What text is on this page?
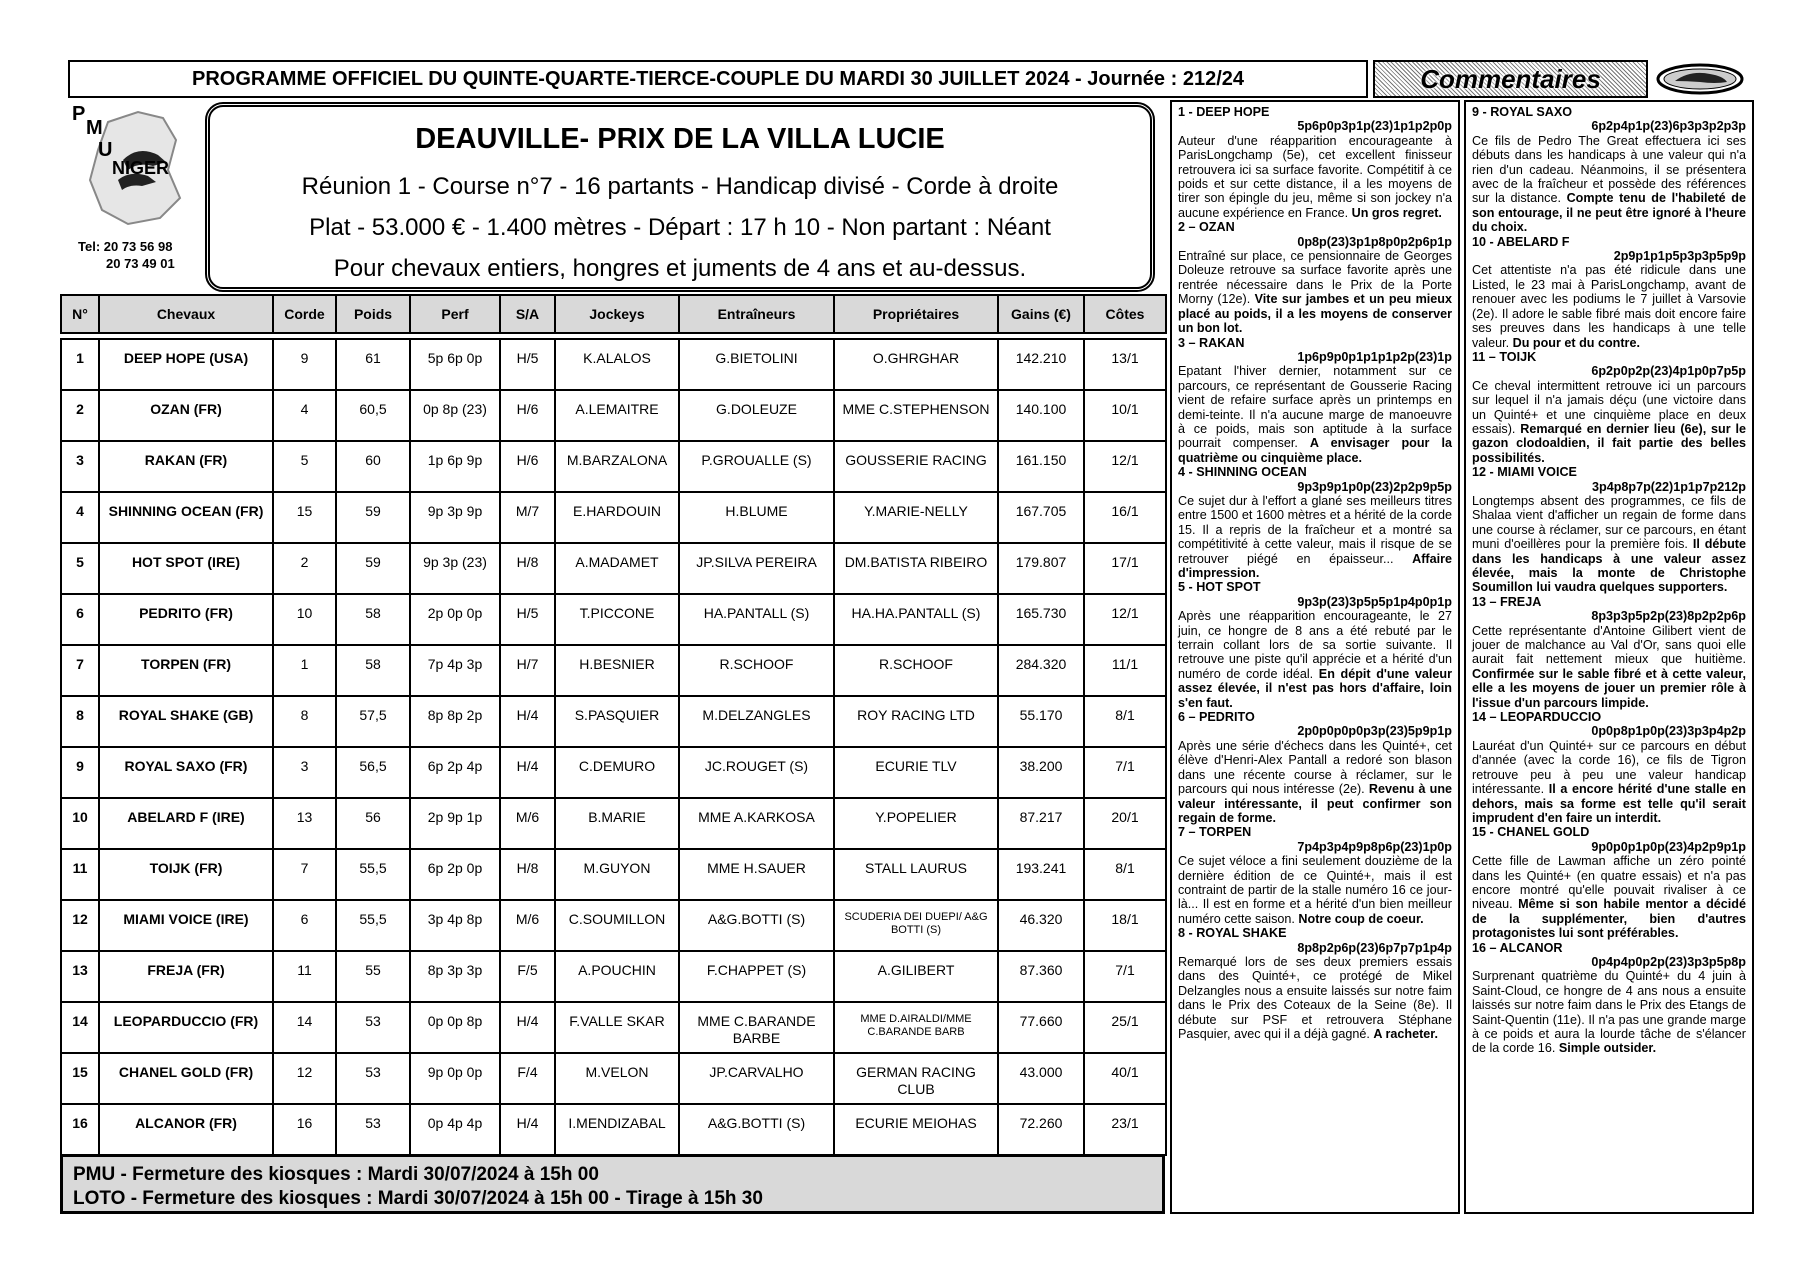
PROGRAMME OFFICIEL DU QUINTE-QUARTE-TIERCE-COUPLE DU MARDI 30 JUILLET 2024 - Journée : 212/24	Commentaires
P
M
U
NIGER
Tel: 20 73 56 98
20 73 49 01
DEAUVILLE- PRIX DE LA VILLA LUCIE
Réunion 1 - Course n°7 - 16 partants - Handicap divisé - Corde à droite
Plat - 53.000 € - 1.400 mètres - Départ : 17 h 10 - Non partant : Néant
Pour chevaux entiers, hongres et juments de 4 ans et au-dessus.
N°	Chevaux	Corde	Poids	Perf	S/A	Jockeys	Entraîneurs	Propriétaires	Gains (€)	Côtes

1	DEEP HOPE (USA)	9	61	5p 6p 0p	H/5	K.ALALOS	G.BIETOLINI	O.GHRGHAR	142.210	13/1
2	OZAN (FR)	4	60,5	0p 8p (23)	H/6	A.LEMAITRE	G.DOLEUZE	MME C.STEPHENSON	140.100	10/1
3	RAKAN (FR)	5	60	1p 6p 9p	H/6	M.BARZALONA	P.GROUALLE (S)	GOUSSERIE RACING	161.150	12/1
4	SHINNING OCEAN (FR)	15	59	9p 3p 9p	M/7	E.HARDOUIN	H.BLUME	Y.MARIE-NELLY	167.705	16/1
5	HOT SPOT (IRE)	2	59	9p 3p (23)	H/8	A.MADAMET	JP.SILVA PEREIRA	DM.BATISTA RIBEIRO	179.807	17/1
6	PEDRITO (FR)	10	58	2p 0p 0p	H/5	T.PICCONE	HA.PANTALL (S)	HA.HA.PANTALL (S)	165.730	12/1
7	TORPEN (FR)	1	58	7p 4p 3p	H/7	H.BESNIER	R.SCHOOF	R.SCHOOF	284.320	11/1
8	ROYAL SHAKE (GB)	8	57,5	8p 8p 2p	H/4	S.PASQUIER	M.DELZANGLES	ROY RACING LTD	55.170	8/1
9	ROYAL SAXO (FR)	3	56,5	6p 2p 4p	H/4	C.DEMURO	JC.ROUGET (S)	ECURIE TLV	38.200	7/1
10	ABELARD F (IRE)	13	56	2p 9p 1p	M/6	B.MARIE	MME A.KARKOSA	Y.POPELIER	87.217	20/1
11	TOIJK (FR)	7	55,5	6p 2p 0p	H/8	M.GUYON	MME H.SAUER	STALL LAURUS	193.241	8/1
12	MIAMI VOICE (IRE)	6	55,5	3p 4p 8p	M/6	C.SOUMILLON	A&G.BOTTI (S)	SCUDERIA DEI DUEPI/ A&G BOTTI (S)	46.320	18/1
13	FREJA (FR)	11	55	8p 3p 3p	F/5	A.POUCHIN	F.CHAPPET (S)	A.GILIBERT	87.360	7/1
14	LEOPARDUCCIO (FR)	14	53	0p 0p 8p	H/4	F.VALLE SKAR	MME C.BARANDE BARBE	MME D.AIRALDI/MME C.BARANDE BARB	77.660	25/1
15	CHANEL GOLD (FR)	12	53	9p 0p 0p	F/4	M.VELON	JP.CARVALHO	GERMAN RACING CLUB	43.000	40/1
16	ALCANOR (FR)	16	53	0p 4p 4p	H/4	I.MENDIZABAL	A&G.BOTTI (S)	ECURIE MEIOHAS	72.260	23/1
PMU - Fermeture des kiosques : Mardi 30/07/2024 à 15h 00
LOTO - Fermeture des kiosques : Mardi 30/07/2024 à 15h 00 - Tirage à 15h 30
1 - DEEP HOPE
5p6p0p3p1p(23)1p1p2p0p
Auteur d'une réapparition encourageante à ParisLongchamp (5e), cet excellent finisseur retrouvera ici sa surface favorite. Compétitif à ce poids et sur cette distance, il a les moyens de tirer son épingle du jeu, même si son jockey n'a aucune expérience en France. Un gros regret.
2 – OZAN
0p8p(23)3p1p8p0p2p6p1p
Entraîné sur place, ce pensionnaire de Georges Doleuze retrouve sa surface favorite après une rentrée nécessaire dans le Prix de la Porte Morny (12e). Vite sur jambes et un peu mieux placé au poids, il a les moyens de conserver un bon lot.
3 – RAKAN
1p6p9p0p1p1p1p2p(23)1p
Epatant l'hiver dernier, notamment sur ce parcours, ce représentant de Gousserie Racing vient de refaire surface après un printemps en demi-teinte. Il n'a aucune marge de manoeuvre à ce poids, mais son aptitude à la surface pourrait compenser. A envisager pour la quatrième ou cinquième place.
4 - SHINNING OCEAN
9p3p9p1p0p(23)2p2p9p5p
Ce sujet dur à l'effort a glané ses meilleurs titres entre 1500 et 1600 mètres et a hérité de la corde 15. Il a repris de la fraîcheur et a montré sa compétitivité à cette valeur, mais il risque de se retrouver piégé en épaisseur... Affaire d'impression.
5 - HOT SPOT
9p3p(23)3p5p5p1p4p0p1p
Après une réapparition encourageante, le 27 juin, ce hongre de 8 ans a été rebuté par le terrain collant lors de sa sortie suivante. Il retrouve une piste qu'il apprécie et a hérité d'un numéro de corde idéal. En dépit d'une valeur assez élevée, il n'est pas hors d'affaire, loin s'en faut.
6 – PEDRITO
2p0p0p0p0p3p(23)5p9p1p
Après une série d'échecs dans les Quinté+, cet élève d'Henri-Alex Pantall a redoré son blason dans une récente course à réclamer, sur le parcours qui nous intéresse (2e). Revenu à une valeur intéressante, il peut confirmer son regain de forme.
7 – TORPEN
7p4p3p4p9p8p6p(23)1p0p
Ce sujet véloce a fini seulement douzième de la dernière édition de ce Quinté+, mais il est contraint de partir de la stalle numéro 16 ce jour-là... Il est en forme et a hérité d'un bien meilleur numéro cette saison. Notre coup de coeur.
8 - ROYAL SHAKE
8p8p2p6p(23)6p7p7p1p4p
Remarqué lors de ses deux premiers essais dans des Quinté+, ce protégé de Mikel Delzangles nous a ensuite laissés sur notre faim dans le Prix des Coteaux de la Seine (8e). Il débute sur PSF et retrouvera Stéphane Pasquier, avec qui il a déjà gagné. A racheter.
9 - ROYAL SAXO
6p2p4p1p(23)6p3p3p2p3p
Ce fils de Pedro The Great effectuera ici ses débuts dans les handicaps à une valeur qui n'a rien d'un cadeau. Néanmoins, il se présentera avec de la fraîcheur et possède des références sur la distance. Compte tenu de l'habileté de son entourage, il ne peut être ignoré à l'heure du choix.
10 - ABELARD F
2p9p1p1p5p3p3p5p9p
Cet attentiste n'a pas été ridicule dans une Listed, le 23 mai à ParisLongchamp, avant de renouer avec les podiums le 7 juillet à Varsovie (2e). Il adore le sable fibré mais doit encore faire ses preuves dans les handicaps à une telle valeur. Du pour et du contre.
11 – TOIJK
6p2p0p2p(23)4p1p0p7p5p
Ce cheval intermittent retrouve ici un parcours sur lequel il n'a jamais déçu (une victoire dans un Quinté+ et une cinquième place en deux essais). Remarqué en dernier lieu (6e), sur le gazon clodoaldien, il fait partie des belles possibilités.
12 - MIAMI VOICE
3p4p8p7p(22)1p1p7p212p
Longtemps absent des programmes, ce fils de Shalaa vient d'afficher un regain de forme dans une course à réclamer, sur ce parcours, en étant muni d'oeillères pour la première fois. Il débute dans les handicaps à une valeur assez élevée, mais la monte de Christophe Soumillon lui vaudra quelques supporters.
13 – FREJA
8p3p3p5p2p(23)8p2p2p6p
Cette représentante d'Antoine Gilibert vient de jouer de malchance au Val d'Or, sans quoi elle aurait fait nettement mieux que huitième. Confirmée sur le sable fibré et à cette valeur, elle a les moyens de jouer un premier rôle à l'issue d'un parcours limpide.
14 – LEOPARDUCCIO
0p0p8p1p0p(23)3p3p4p2p
Lauréat d'un Quinté+ sur ce parcours en début d'année (avec la corde 16), ce fils de Tigron retrouve peu à peu une valeur handicap intéressante. Il a encore hérité d'une stalle en dehors, mais sa forme est telle qu'il serait imprudent d'en faire un interdit.
15 - CHANEL GOLD
9p0p0p1p0p(23)4p2p9p1p
Cette fille de Lawman affiche un zéro pointé dans les Quinté+ (en quatre essais) et n'a pas encore montré qu'elle pouvait rivaliser à ce niveau. Même si son habile mentor a décidé de la supplémenter, bien d'autres protagonistes lui sont préférables.
16 – ALCANOR
0p4p4p0p2p(23)3p3p5p8p
Surprenant quatrième du Quinté+ du 4 juin à Saint-Cloud, ce hongre de 4 ans nous a ensuite laissés sur notre faim dans le Prix des Etangs de Saint-Quentin (11e). Il n'a pas une grande marge à ce poids et aura la lourde tâche de s'élancer de la corde 16. Simple outsider.
